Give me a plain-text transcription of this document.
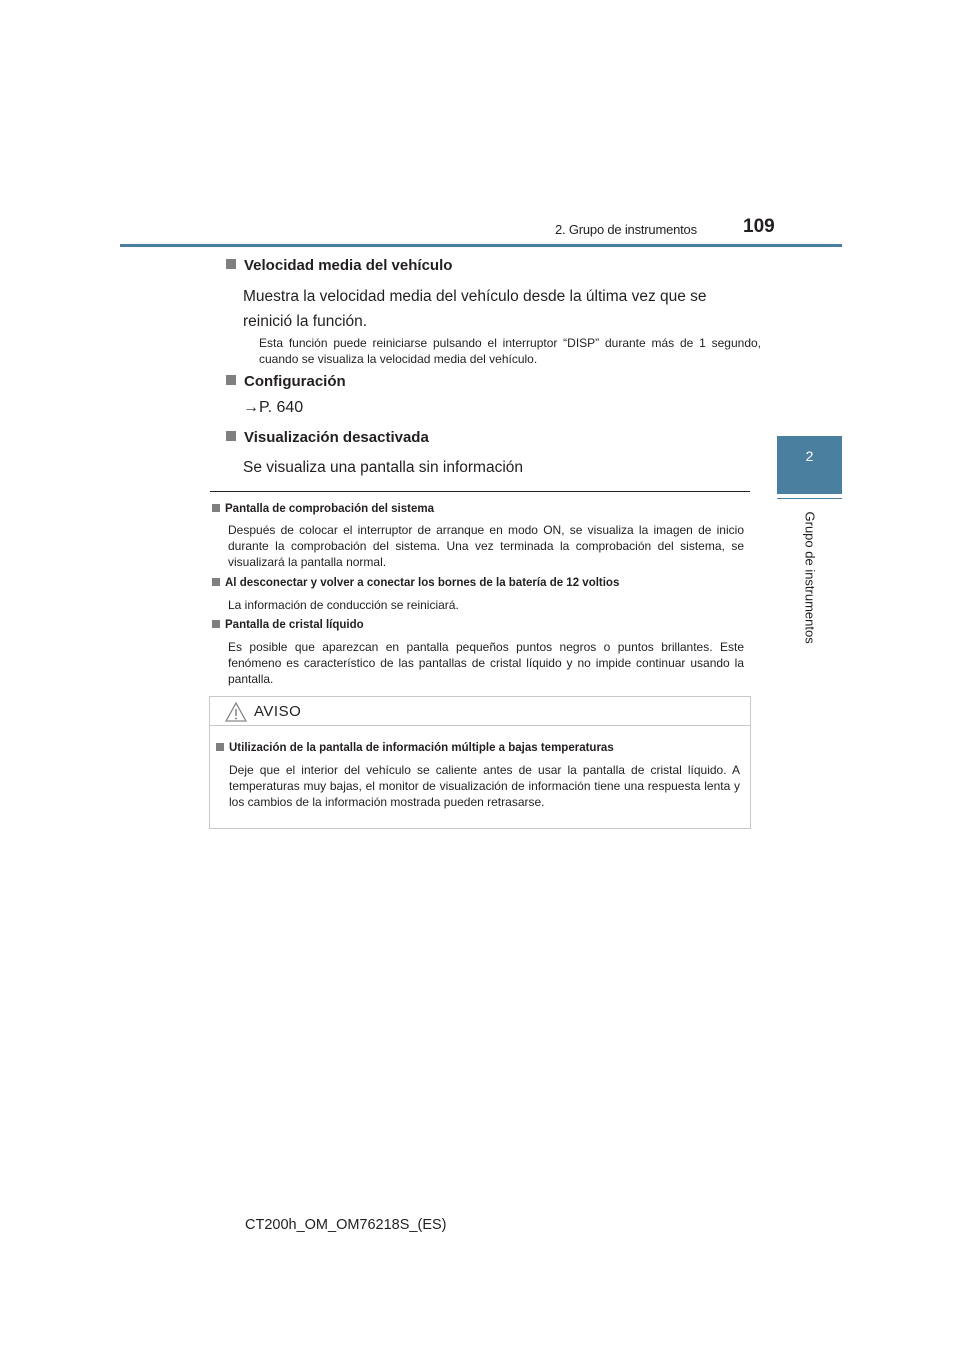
2. Grupo de instrumentos 109
2
Grupo de instrumentos
Velocidad media del vehículo

Muestra la velocidad media del vehículo desde la última vez que se reinició la función.

Esta función puede reiniciarse pulsando el interruptor “DISP” durante más de 1 segundo, cuando se visualiza la velocidad media del vehículo.

Configuración
→P. 640
Visualización desactivada

Se visualiza una pantalla sin información

Pantalla de comprobación del sistema

Después de colocar el interruptor de arranque en modo ON, se visualiza la imagen de inicio durante la comprobación del sistema. Una vez terminada la comprobación del sistema, se visualizará la pantalla normal.

Al desconectar y volver a conectar los bornes de la batería de 12 voltios

La información de conducción se reiniciará.

Pantalla de cristal líquido

Es posible que aparezcan en pantalla pequeños puntos negros o puntos brillantes. Este fenómeno es característico de las pantallas de cristal líquido y no impide continuar usando la pantalla.

AVISO
Utilización de la pantalla de información múltiple a bajas temperaturas

Deje que el interior del vehículo se caliente antes de usar la pantalla de cristal líquido. A temperaturas muy bajas, el monitor de visualización de información tiene una respuesta lenta y los cambios de la información mostrada pueden retrasarse.

CT200h_OM_OM76218S_(ES)
